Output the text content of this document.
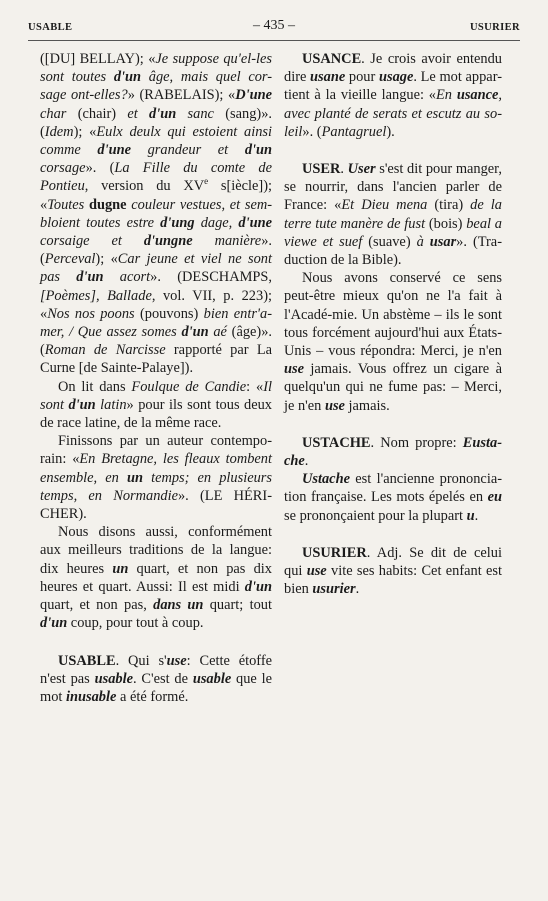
USABLE	– 435 –	USURIER

([DU] BELLAY); «Je suppose qu'el-les sont toutes d'un âge, mais quel cor-sage ont-elles?» (RABELAIS); «D'une char (chair) et d'un sanc (sang)». (Idem); «Eulx deulx qui estoient ainsi comme d'une grandeur et d'un corsage». (La Fille du comte de Pontieu, version du XVe s[iècle]); «Toutes dugne couleur vestues, et sem-bloient toutes estre d'ung dage, d'une corsaige et d'ungne manière». (Perceval); «Car jeune et viel ne sont pas d'un acort». (DESCHAMPS, [Poèmes], Ballade, vol. VII, p. 223); «Nos nos poons (pouvons) bien entr'a-mer, / Que assez somes d'un aé (âge)». (Roman de Narcisse rapporté par La Curne [de Sainte-Palaye]).

On lit dans Foulque de Candie: «Il sont d'un latin» pour ils sont tous deux de race latine, de la même race.

Finissons par un auteur contempo-rain: «En Bretagne, les fleaux tombent ensemble, en un temps; en plusieurs temps, en Normandie». (LE HÉRI-CHER).

Nous disons aussi, conformément aux meilleurs traditions de la langue: dix heures un quart, et non pas dix heures et quart. Aussi: Il est midi d'un quart, et non pas, dans un quart; tout d'un coup, pour tout à coup.

USABLE. Qui s'use: Cette étoffe n'est pas usable. C'est de usable que le mot inusable a été formé.

USANCE. Je crois avoir entendu dire usane pour usage. Le mot appar-tient à la vieille langue: «En usance, avec planté de serats et escutz au so-leil». (Pantagruel).

USER. User s'est dit pour manger, se nourrir, dans l'ancien parler de France: «Et Dieu mena (tira) de la terre tute manère de fust (bois) beal a viewe et suef (suave) à usar». (Tra-duction de la Bible).

Nous avons conservé ce sens peut-être mieux qu'on ne l'a fait à l'Acadé-mie. Un abstème – ils le sont tous forcément aujourd'hui aux États-Unis – vous répondra: Merci, je n'en use jamais. Vous offrez un cigare à quelqu'un qui ne fume pas: – Merci, je n'en use jamais.

USTACHE. Nom propre: Eusta-che.

Ustache est l'ancienne prononcia-tion française. Les mots épelés en eu se prononçaient pour la plupart u.

USURIER. Adj. Se dit de celui qui use vite ses habits: Cet enfant est bien usurier.
